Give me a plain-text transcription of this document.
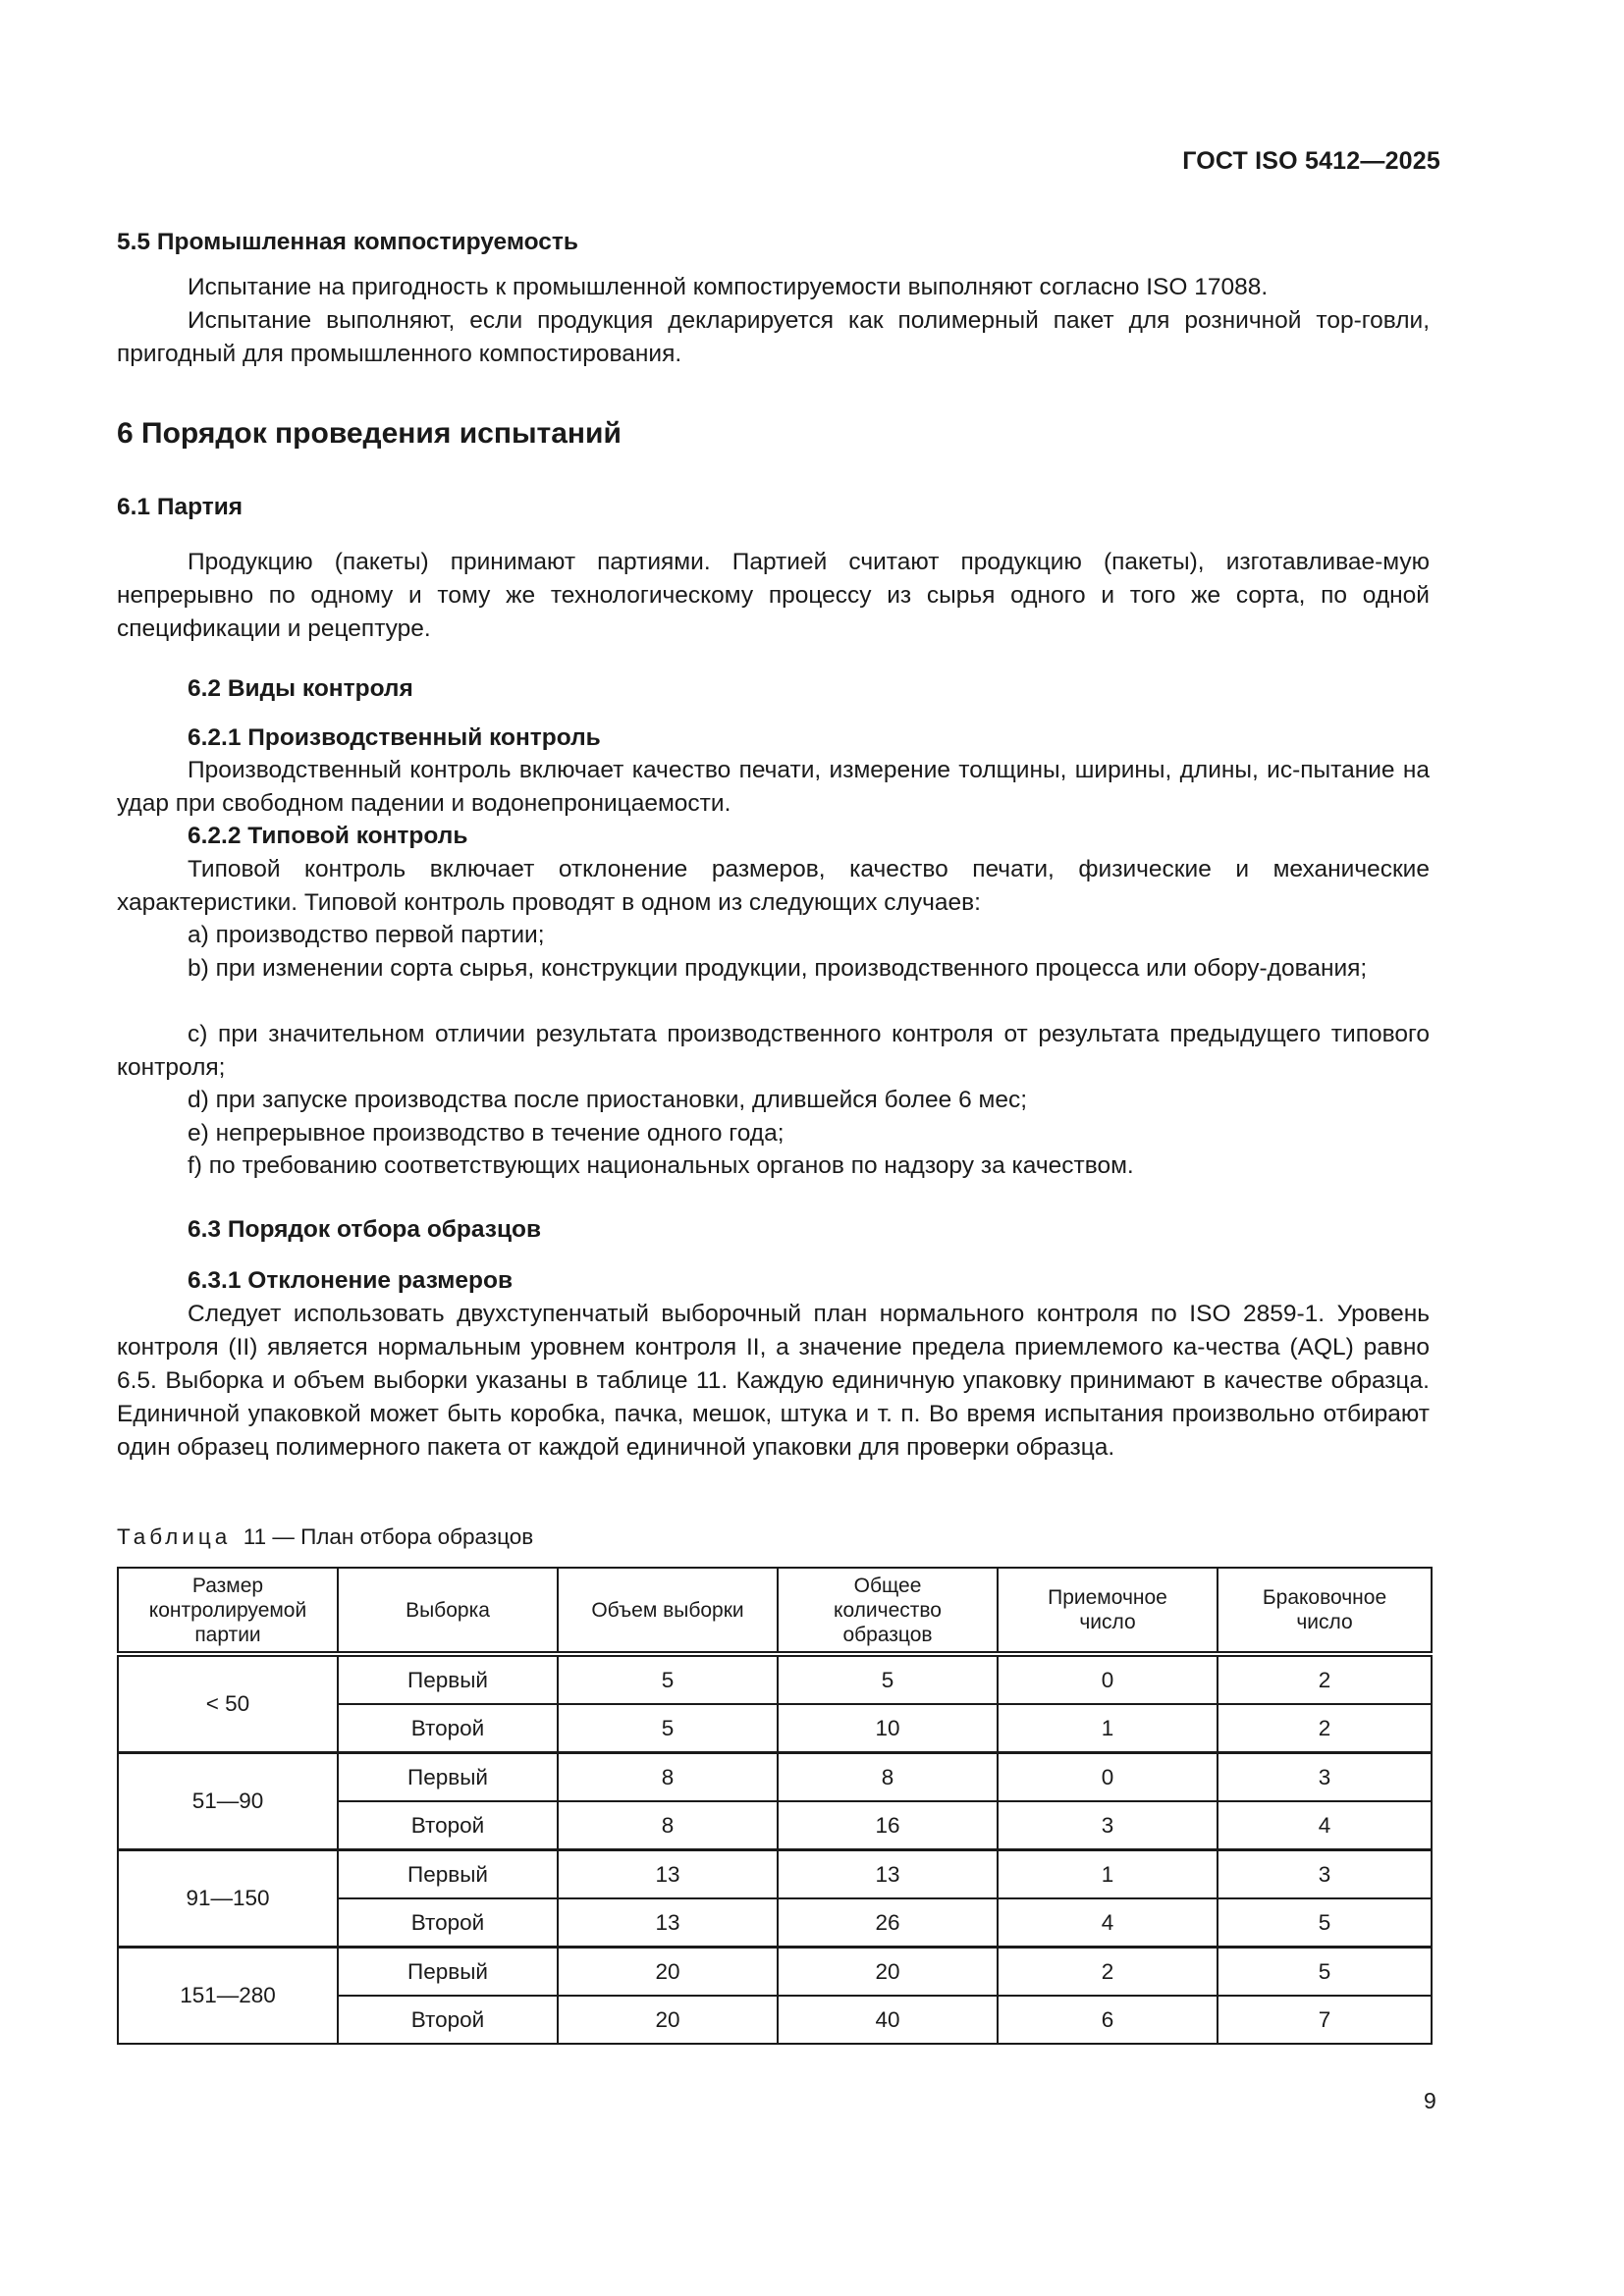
ГОСТ ISO 5412—2025
5.5 Промышленная компостируемость
Испытание на пригодность к промышленной компостируемости выполняют согласно ISO 17088.
Испытание выполняют, если продукция декларируется как полимерный пакет для розничной тор-говли, пригодный для промышленного компостирования.
6 Порядок проведения испытаний
6.1 Партия
Продукцию (пакеты) принимают партиями. Партией считают продукцию (пакеты), изготавливае-мую непрерывно по одному и тому же технологическому процессу из сырья одного и того же сорта, по одной спецификации и рецептуре.
6.2 Виды контроля
6.2.1 Производственный контроль
Производственный контроль включает качество печати, измерение толщины, ширины, длины, ис-пытание на удар при свободном падении и водонепроницаемости.
6.2.2 Типовой контроль
Типовой контроль включает отклонение размеров, качество печати, физические и механические характеристики. Типовой контроль проводят в одном из следующих случаев:
a) производство первой партии;
b) при изменении сорта сырья, конструкции продукции, производственного процесса или обору-дования;
c) при значительном отличии результата производственного контроля от результата предыдущего типового контроля;
d) при запуске производства после приостановки, длившейся более 6 мес;
e) непрерывное производство в течение одного года;
f) по требованию соответствующих национальных органов по надзору за качеством.
6.3 Порядок отбора образцов
6.3.1 Отклонение размеров
Следует использовать двухступенчатый выборочный план нормального контроля по ISO 2859-1. Уровень контроля (II) является нормальным уровнем контроля II, а значение предела приемлемого ка-чества (AQL) равно 6.5. Выборка и объем выборки указаны в таблице 11. Каждую единичную упаковку принимают в качестве образца. Единичной упаковкой может быть коробка, пачка, мешок, штука и т. п. Во время испытания произвольно отбирают один образец полимерного пакета от каждой единичной упаковки для проверки образца.
Таблица 11 — План отбора образцов
Размер контролируемой партии	Выборка	Объем выборки	Общее количество образцов	Приемочное число	Браковочное число
< 50	Первый	5	5	0	2
	Второй	5	10	1	2
51—90	Первый	8	8	0	3
	Второй	8	16	3	4
91—150	Первый	13	13	1	3
	Второй	13	26	4	5
151—280	Первый	20	20	2	5
	Второй	20	40	6	7
9
